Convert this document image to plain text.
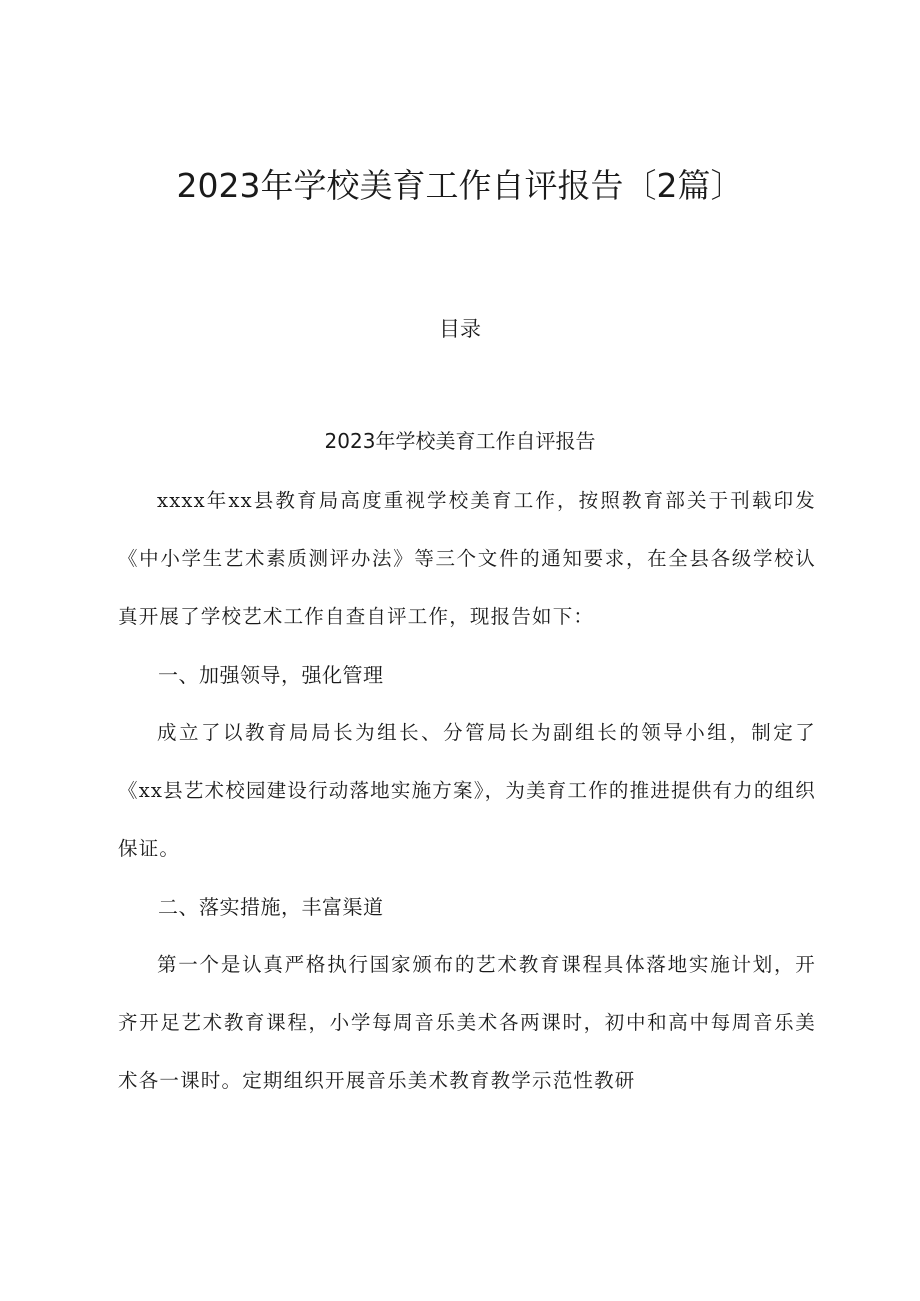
2023年学校美育工作自评报告〔2篇〕
目录
2023年学校美育工作自评报告

xxxx年xx县教育局高度重视学校美育工作，按照教育部关于刊载印发《中小学生艺术素质测评办法》等三个文件的通知要求，在全县各级学校认真开展了学校艺术工作自查自评工作，现报告如下：

一、加强领导，强化管理

成立了以教育局局长为组长、分管局长为副组长的领导小组，制定了《xx县艺术校园建设行动落地实施方案》，为美育工作的推进提供有力的组织保证。

二、落实措施，丰富渠道

第一个是认真严格执行国家颁布的艺术教育课程具体落地实施计划，开齐开足艺术教育课程，小学每周音乐美术各两课时，初中和高中每周音乐美术各一课时。定期组织开展音乐美术教育教学示范性教研
